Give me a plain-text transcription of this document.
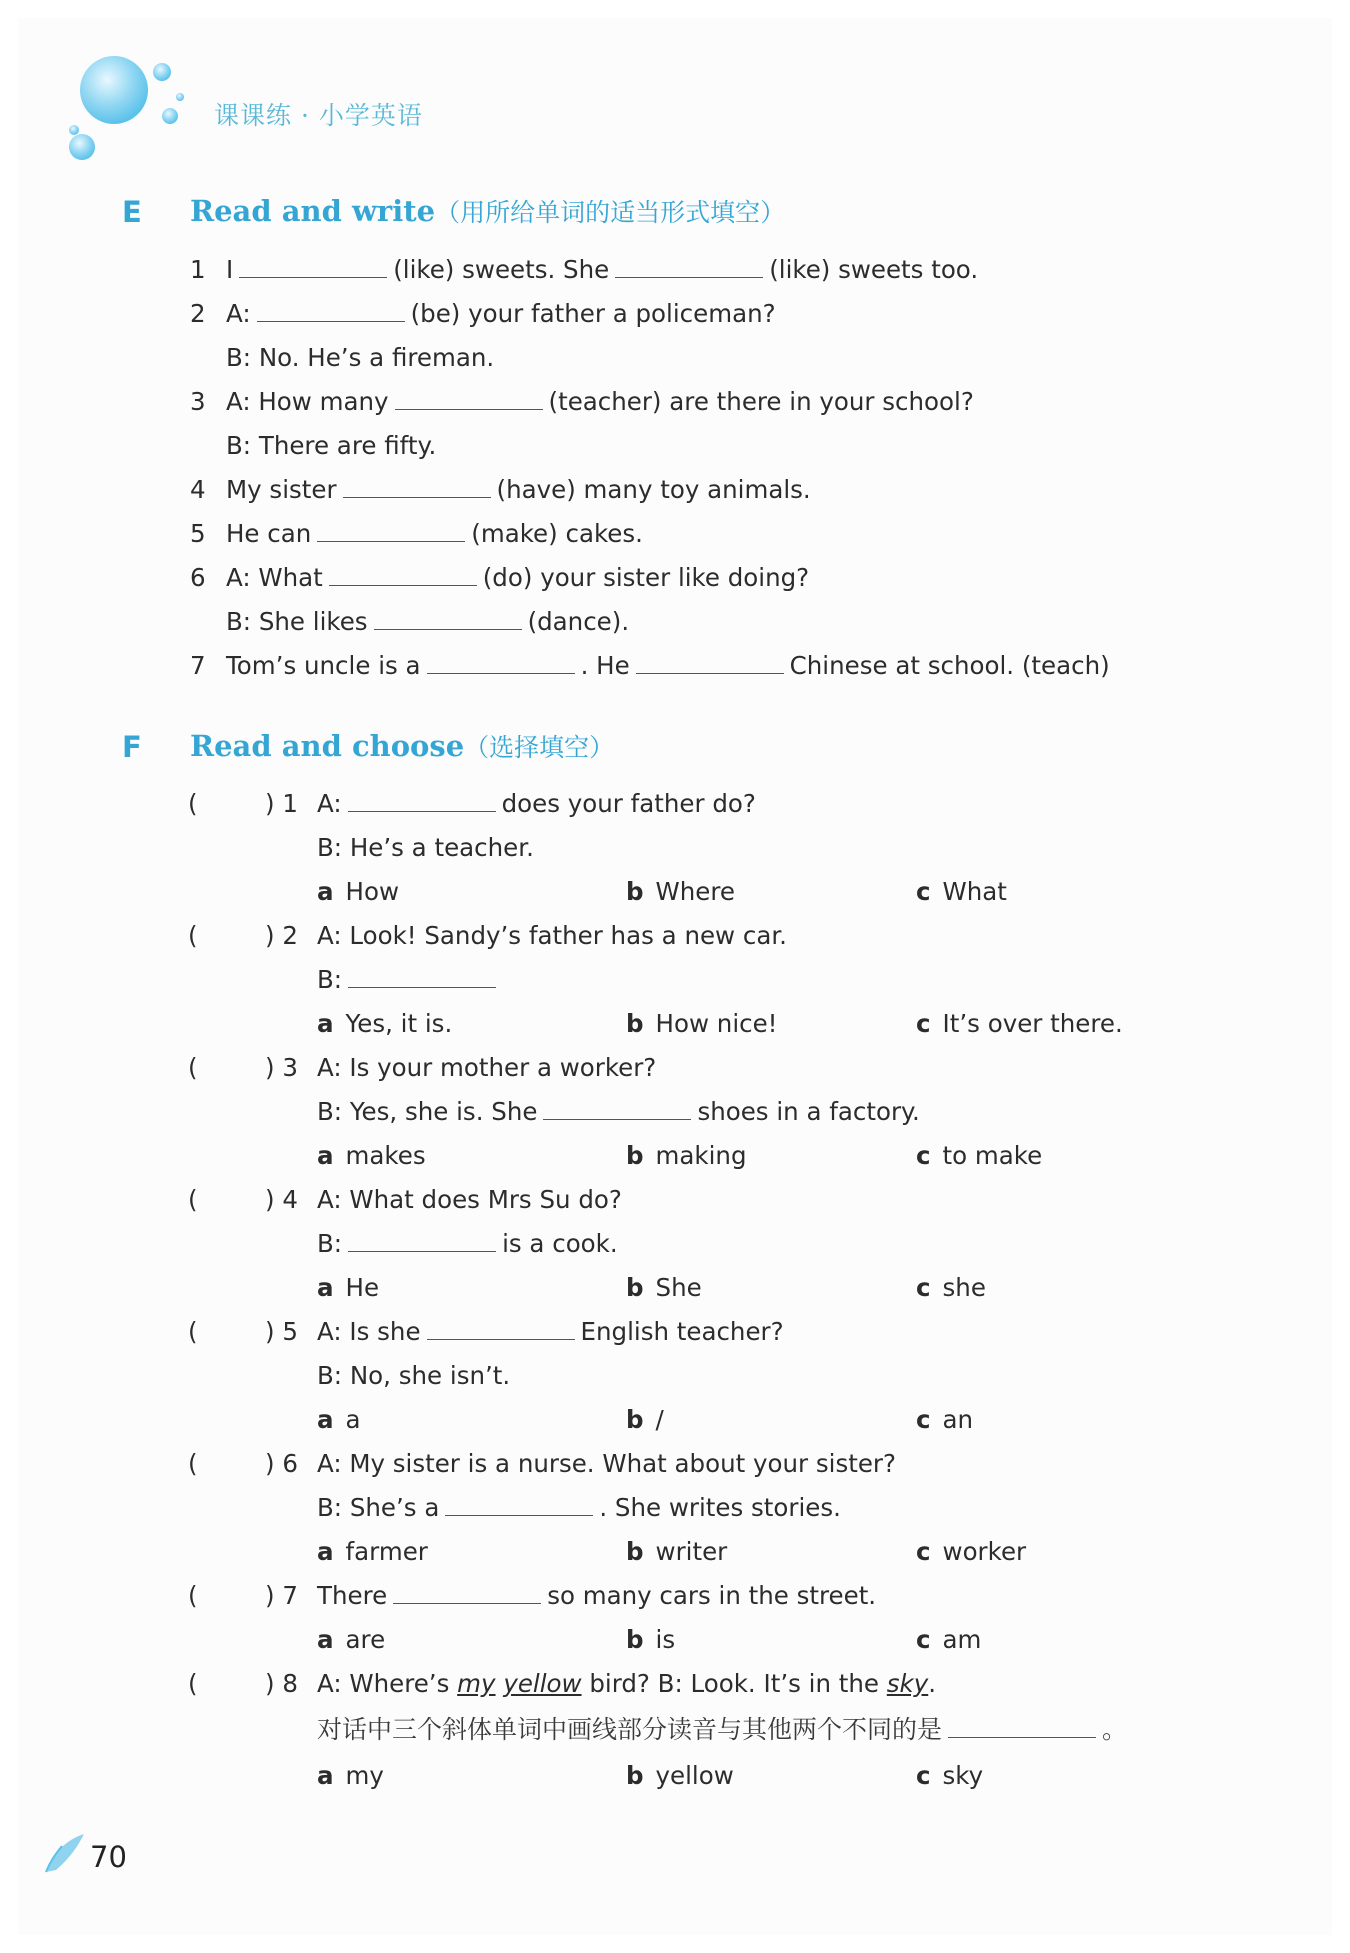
课课练 · 小学英语
E Read and write（用所给单词的适当形式填空）
1 I	(like) sweets. She	(like) sweets too.
2 A:	(be) your father a policeman?
B: No. He’s a fireman.
3 A: How many	(teacher) are there in your school?
B: There are fifty.
4 My sister	(have) many toy animals.
5 He can	(make) cakes.
6 A: What	(do) your sister like doing?
B: She likes	(dance).
7 Tom’s uncle is a	. He	Chinese at school. (teach)
F Read and choose（选择填空）
(	) 1 A:	does your father do?
B: He’s a teacher.
a How	b Where	c What
(	) 2 A: Look! Sandy’s father has a new car.
B:
a Yes, it is.	b How nice!	c It’s over there.
(	) 3 A: Is your mother a worker?
B: Yes, she is. She	shoes in a factory.
a makes	b making	c to make
(	) 4 A: What does Mrs Su do?
B:	is a cook.
a He	b She	c she
(	) 5 A: Is she	English teacher?
B: No, she isn’t.
a a	b /	c an
(	) 6 A: My sister is a nurse. What about your sister?
B: She’s a	. She writes stories.
a farmer	b writer	c worker
(	) 7 There	so many cars in the street.
a are	b is	c am
(	) 8 A: Where’s my yellow bird? B: Look. It’s in the sky.
对话中三个斜体单词中画线部分读音与其他两个不同的是	。
a my	b yellow	c sky
70
